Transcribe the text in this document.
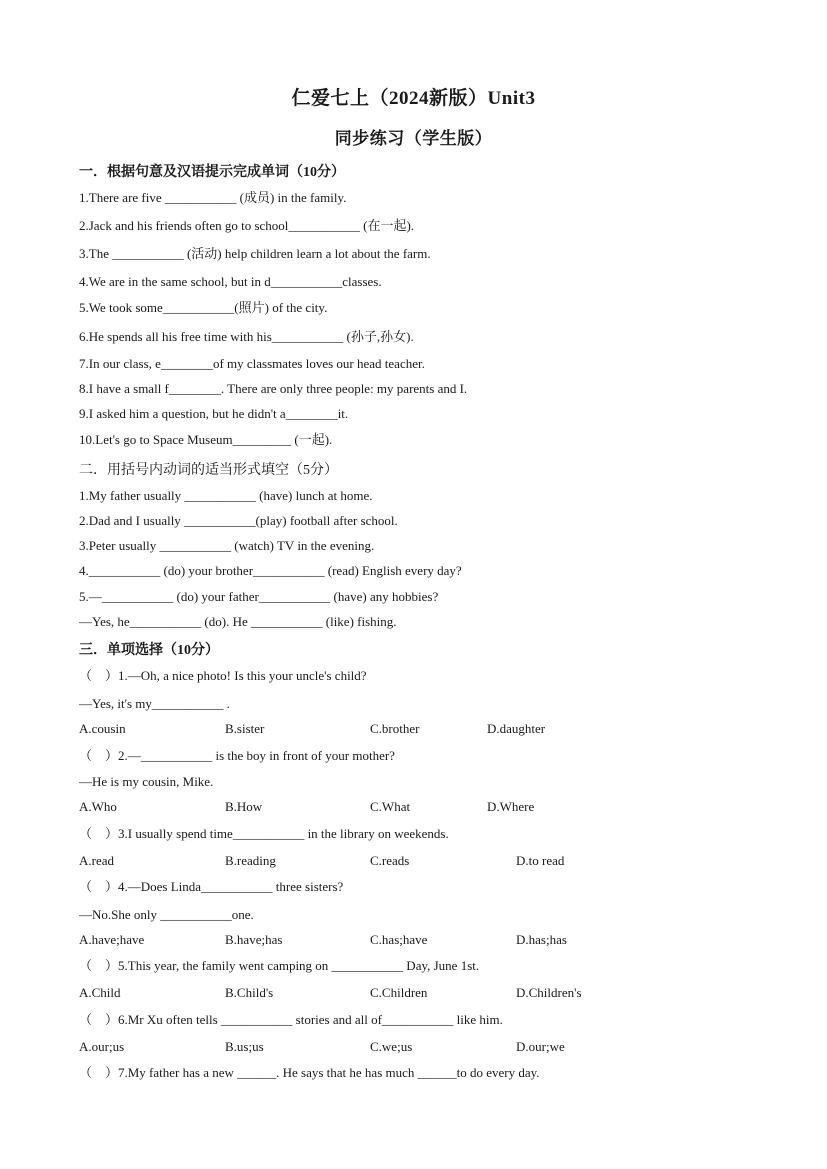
仁爱七上（2024新版）Unit3
同步练习（学生版）
一．根据句意及汉语提示完成单词（10分）
1.There are five ___________ (成员) in the family.
2.Jack and his friends often go to school___________ (在一起).
3.The ___________ (活动) help children learn a lot about the farm.
4.We are in the same school, but in d___________classes.
5.We took some___________(照片) of the city.
6.He spends all his free time with his___________ (孙子,孙女).
7.In our class, e________of my classmates loves our head teacher.
8.I have a small f________. There are only three people: my parents and I.
9.I asked him a question, but he didn't a________it.
10.Let's go to Space Museum_________ (一起).
二．用括号内动词的适当形式填空（5分）
1.My father usually ___________ (have) lunch at home.
2.Dad and I usually ___________(play) football after school.
3.Peter usually ___________ (watch) TV in the evening.
4.___________ (do) your brother___________ (read) English every day?
5.—___________ (do) your father___________ (have) any hobbies?
—Yes, he___________ (do). He ___________ (like) fishing.
三．单项选择（10分）
（    ）1.—Oh, a nice photo! Is this your uncle's child?
—Yes, it's my___________ .
A.cousin	B.sister	C.brother	D.daughter
（    ）2.—___________ is the boy in front of your mother?
—He is my cousin, Mike.
A.Who	B.How	C.What	D.Where
（    ）3.I usually spend time___________ in the library on weekends.
A.read	B.reading	C.reads	D.to read
（    ）4.—Does Linda___________ three sisters?
—No.She only ___________one.
A.have;have	B.have;has	C.has;have	D.has;has
（    ）5.This year, the family went camping on ___________ Day, June 1st.
A.Child	B.Child's	C.Children	D.Children's
（    ）6.Mr Xu often tells ___________ stories and all of___________ like him.
A.our;us	B.us;us	C.we;us	D.our;we
（    ）7.My father has a new ______. He says that he has much ______to do every day.
